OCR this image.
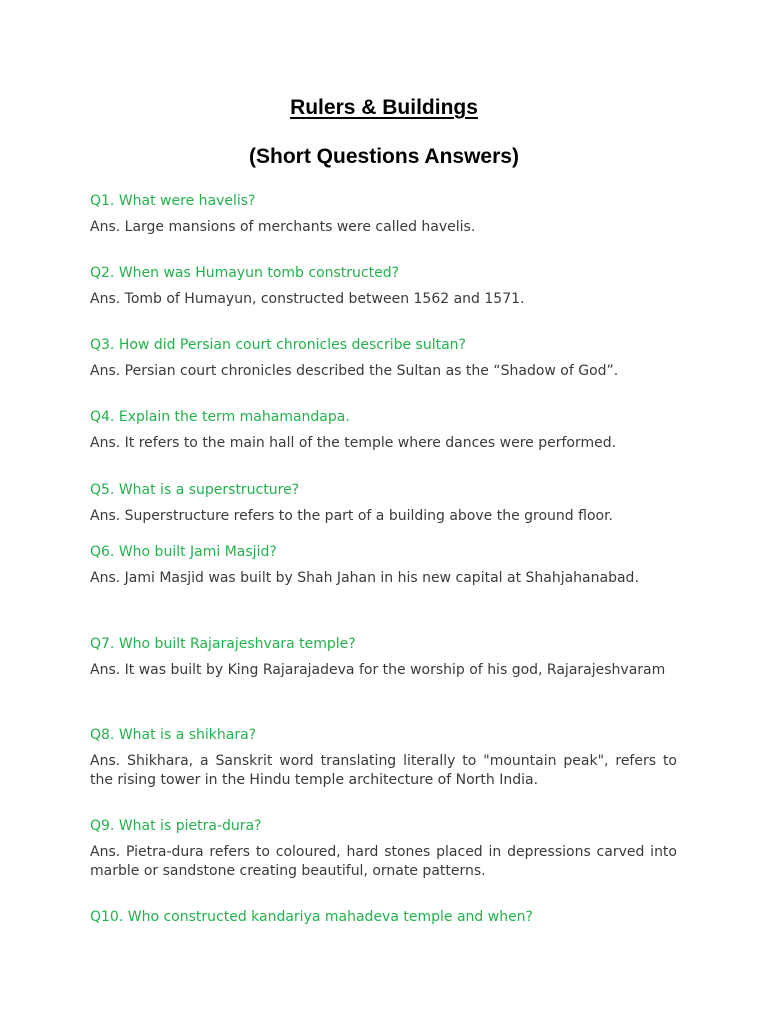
Rulers & Buildings
(Short Questions Answers)

Q1. What were havelis?

Ans. Large mansions of merchants were called havelis.

Q2. When was Humayun tomb constructed?

Ans. Tomb of Humayun, constructed between 1562 and 1571.

Q3. How did Persian court chronicles describe sultan?

Ans. Persian court chronicles described the Sultan as the “Shadow of God”.

Q4. Explain the term mahamandapa.

Ans. It refers to the main hall of the temple where dances were performed.

Q5. What is a superstructure?

Ans. Superstructure refers to the part of a building above the ground floor.

Q6. Who built Jami Masjid?

Ans. Jami Masjid was built by Shah Jahan in his new capital at Shahjahanabad.

Q7. Who built Rajarajeshvara temple?

Ans. It was built by King Rajarajadeva for the worship of his god, Rajarajeshvaram

Q8. What is a shikhara?

Ans. Shikhara, a Sanskrit word translating literally to "mountain peak", refers to the rising tower in the Hindu temple architecture of North India.

Q9. What is pietra-dura?

Ans. Pietra-dura refers to coloured, hard stones placed in depressions carved into marble or sandstone creating beautiful, ornate patterns.

Q10. Who constructed kandariya mahadeva temple and when?
